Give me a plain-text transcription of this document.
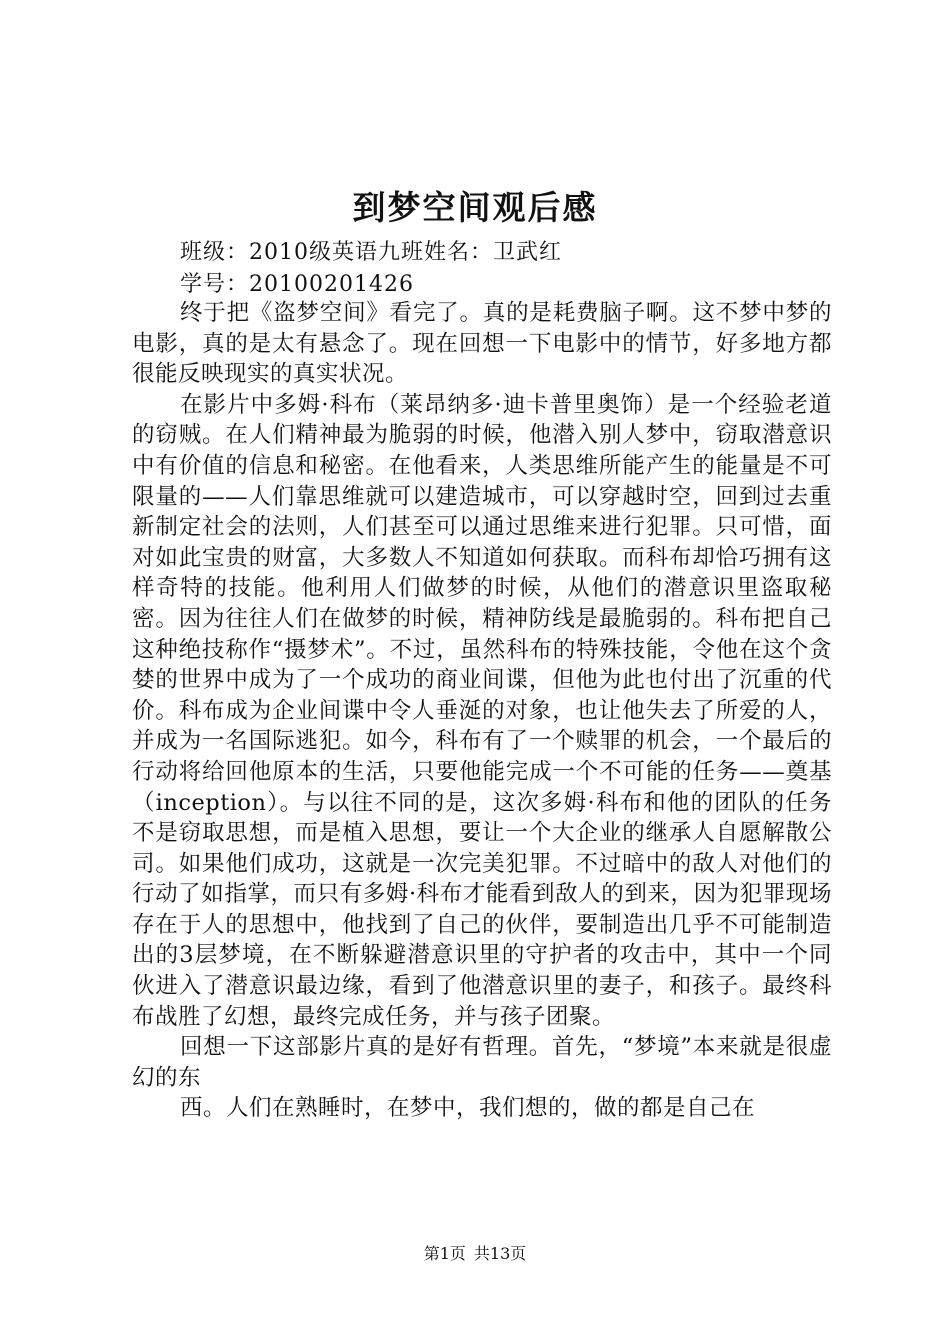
到梦空间观后感
班级：2010级英语九班姓名：卫武红
学号：20100201426

终于把《盗梦空间》看完了。真的是耗费脑子啊。这不梦中梦的电影，真的是太有悬念了。现在回想一下电影中的情节，好多地方都很能反映现实的真实状况。

在影片中多姆·科布（莱昂纳多·迪卡普里奥饰）是一个经验老道的窃贼。在人们精神最为脆弱的时候，他潜入别人梦中，窃取潜意识中有价值的信息和秘密。在他看来，人类思维所能产生的能量是不可限量的——人们靠思维就可以建造城市，可以穿越时空，回到过去重新制定社会的法则，人们甚至可以通过思维来进行犯罪。只可惜，面对如此宝贵的财富，大多数人不知道如何获取。而科布却恰巧拥有这样奇特的技能。他利用人们做梦的时候，从他们的潜意识里盗取秘密。因为往往人们在做梦的时候，精神防线是最脆弱的。科布把自己这种绝技称作“摄梦术”。不过，虽然科布的特殊技能，令他在这个贪婪的世界中成为了一个成功的商业间谍，但他为此也付出了沉重的代价。科布成为企业间谍中令人垂涎的对象，也让他失去了所爱的人，并成为一名国际逃犯。如今，科布有了一个赎罪的机会，一个最后的行动将给回他原本的生活，只要他能完成一个不可能的任务——奠基（inception）。与以往不同的是，这次多姆·科布和他的团队的任务不是窃取思想，而是植入思想，要让一个大企业的继承人自愿解散公司。如果他们成功，这就是一次完美犯罪。不过暗中的敌人对他们的行动了如指掌，而只有多姆·科布才能看到敌人的到来，因为犯罪现场存在于人的思想中，他找到了自己的伙伴，要制造出几乎不可能制造出的3层梦境，在不断躲避潜意识里的守护者的攻击中，其中一个同伙进入了潜意识最边缘，看到了他潜意识里的妻子，和孩子。最终科布战胜了幻想，最终完成任务，并与孩子团聚。

回想一下这部影片真的是好有哲理。首先，“梦境”本来就是很虚幻的东

西。人们在熟睡时，在梦中，我们想的，做的都是自己在

第1页 共13页
